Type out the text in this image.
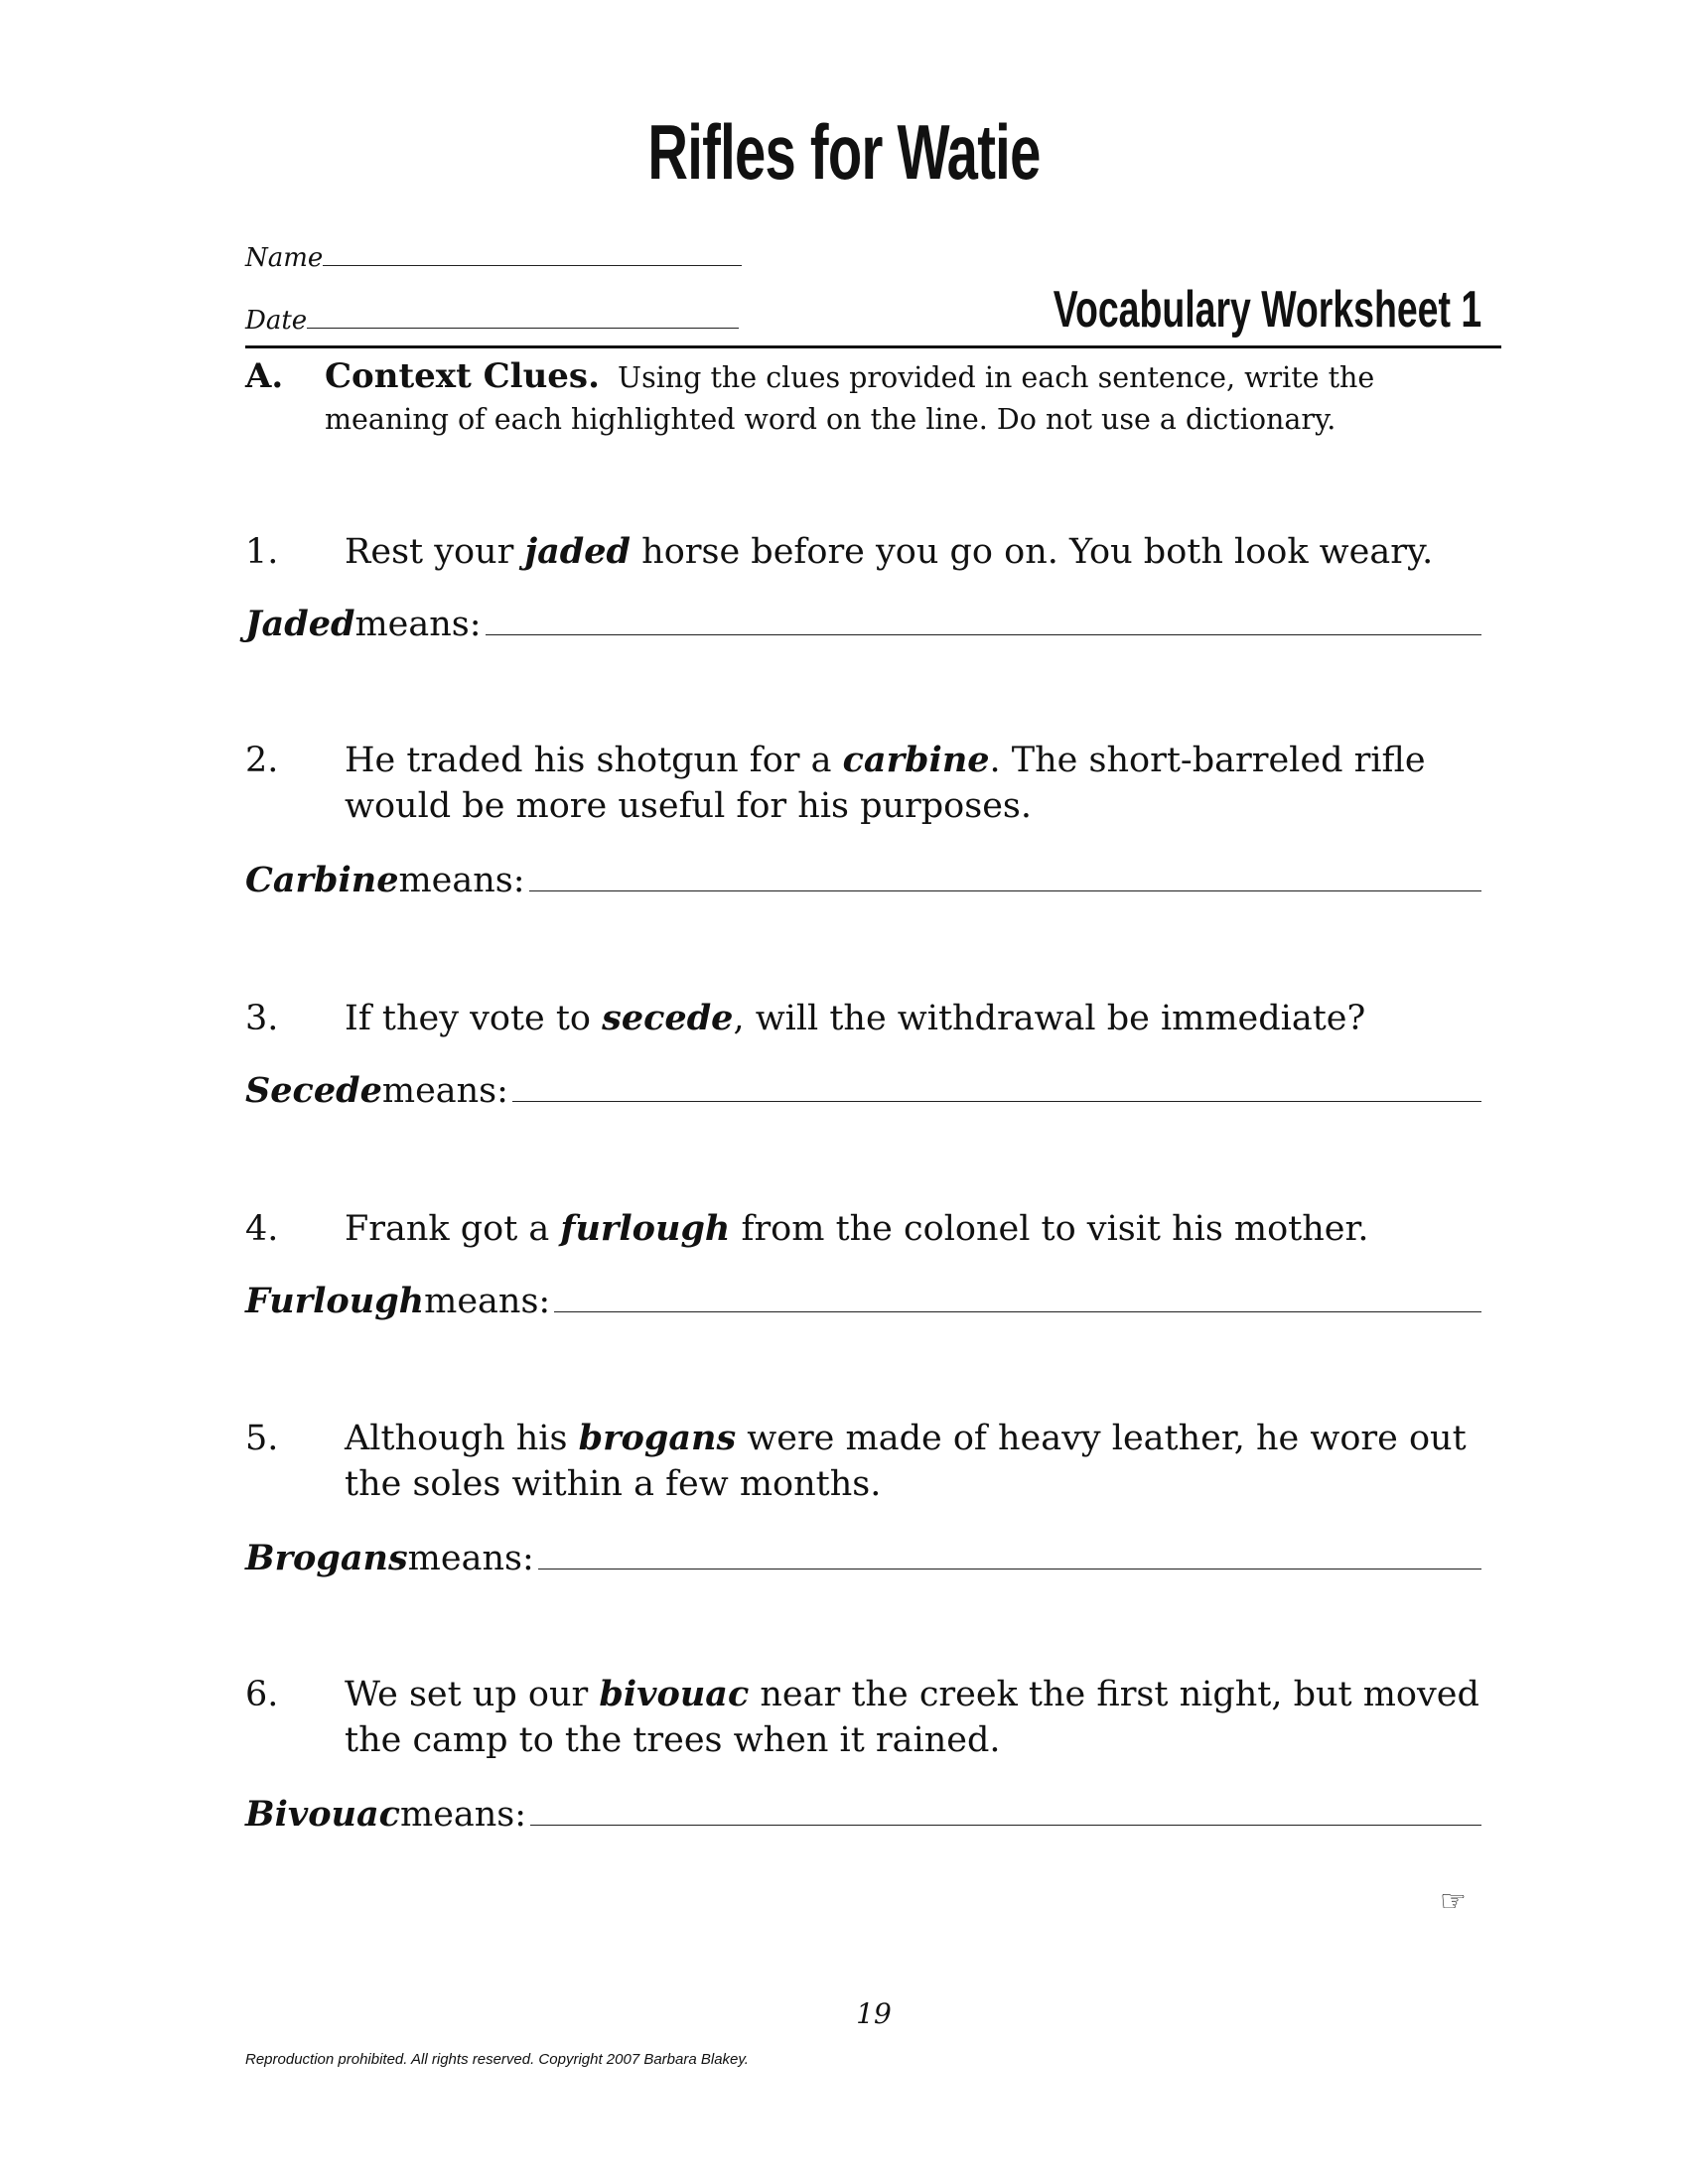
Rifles for Watie
Name
Date	Vocabulary Worksheet 1
A. Context Clues. Using the clues provided in each sentence, write the meaning of each highlighted word on the line. Do not use a dictionary.
1. Rest your jaded horse before you go on. You both look weary.
Jaded means:
2. He traded his shotgun for a carbine. The short-barreled rifle would be more useful for his purposes.
Carbine means:
3. If they vote to secede, will the withdrawal be immediate?
Secede means:
4. Frank got a furlough from the colonel to visit his mother.
Furlough means:
5. Although his brogans were made of heavy leather, he wore out the soles within a few months.
Brogans means:
6. We set up our bivouac near the creek the first night, but moved the camp to the trees when it rained.
Bivouac means:
☞
19
Reproduction prohibited. All rights reserved. Copyright 2007 Barbara Blakey.
